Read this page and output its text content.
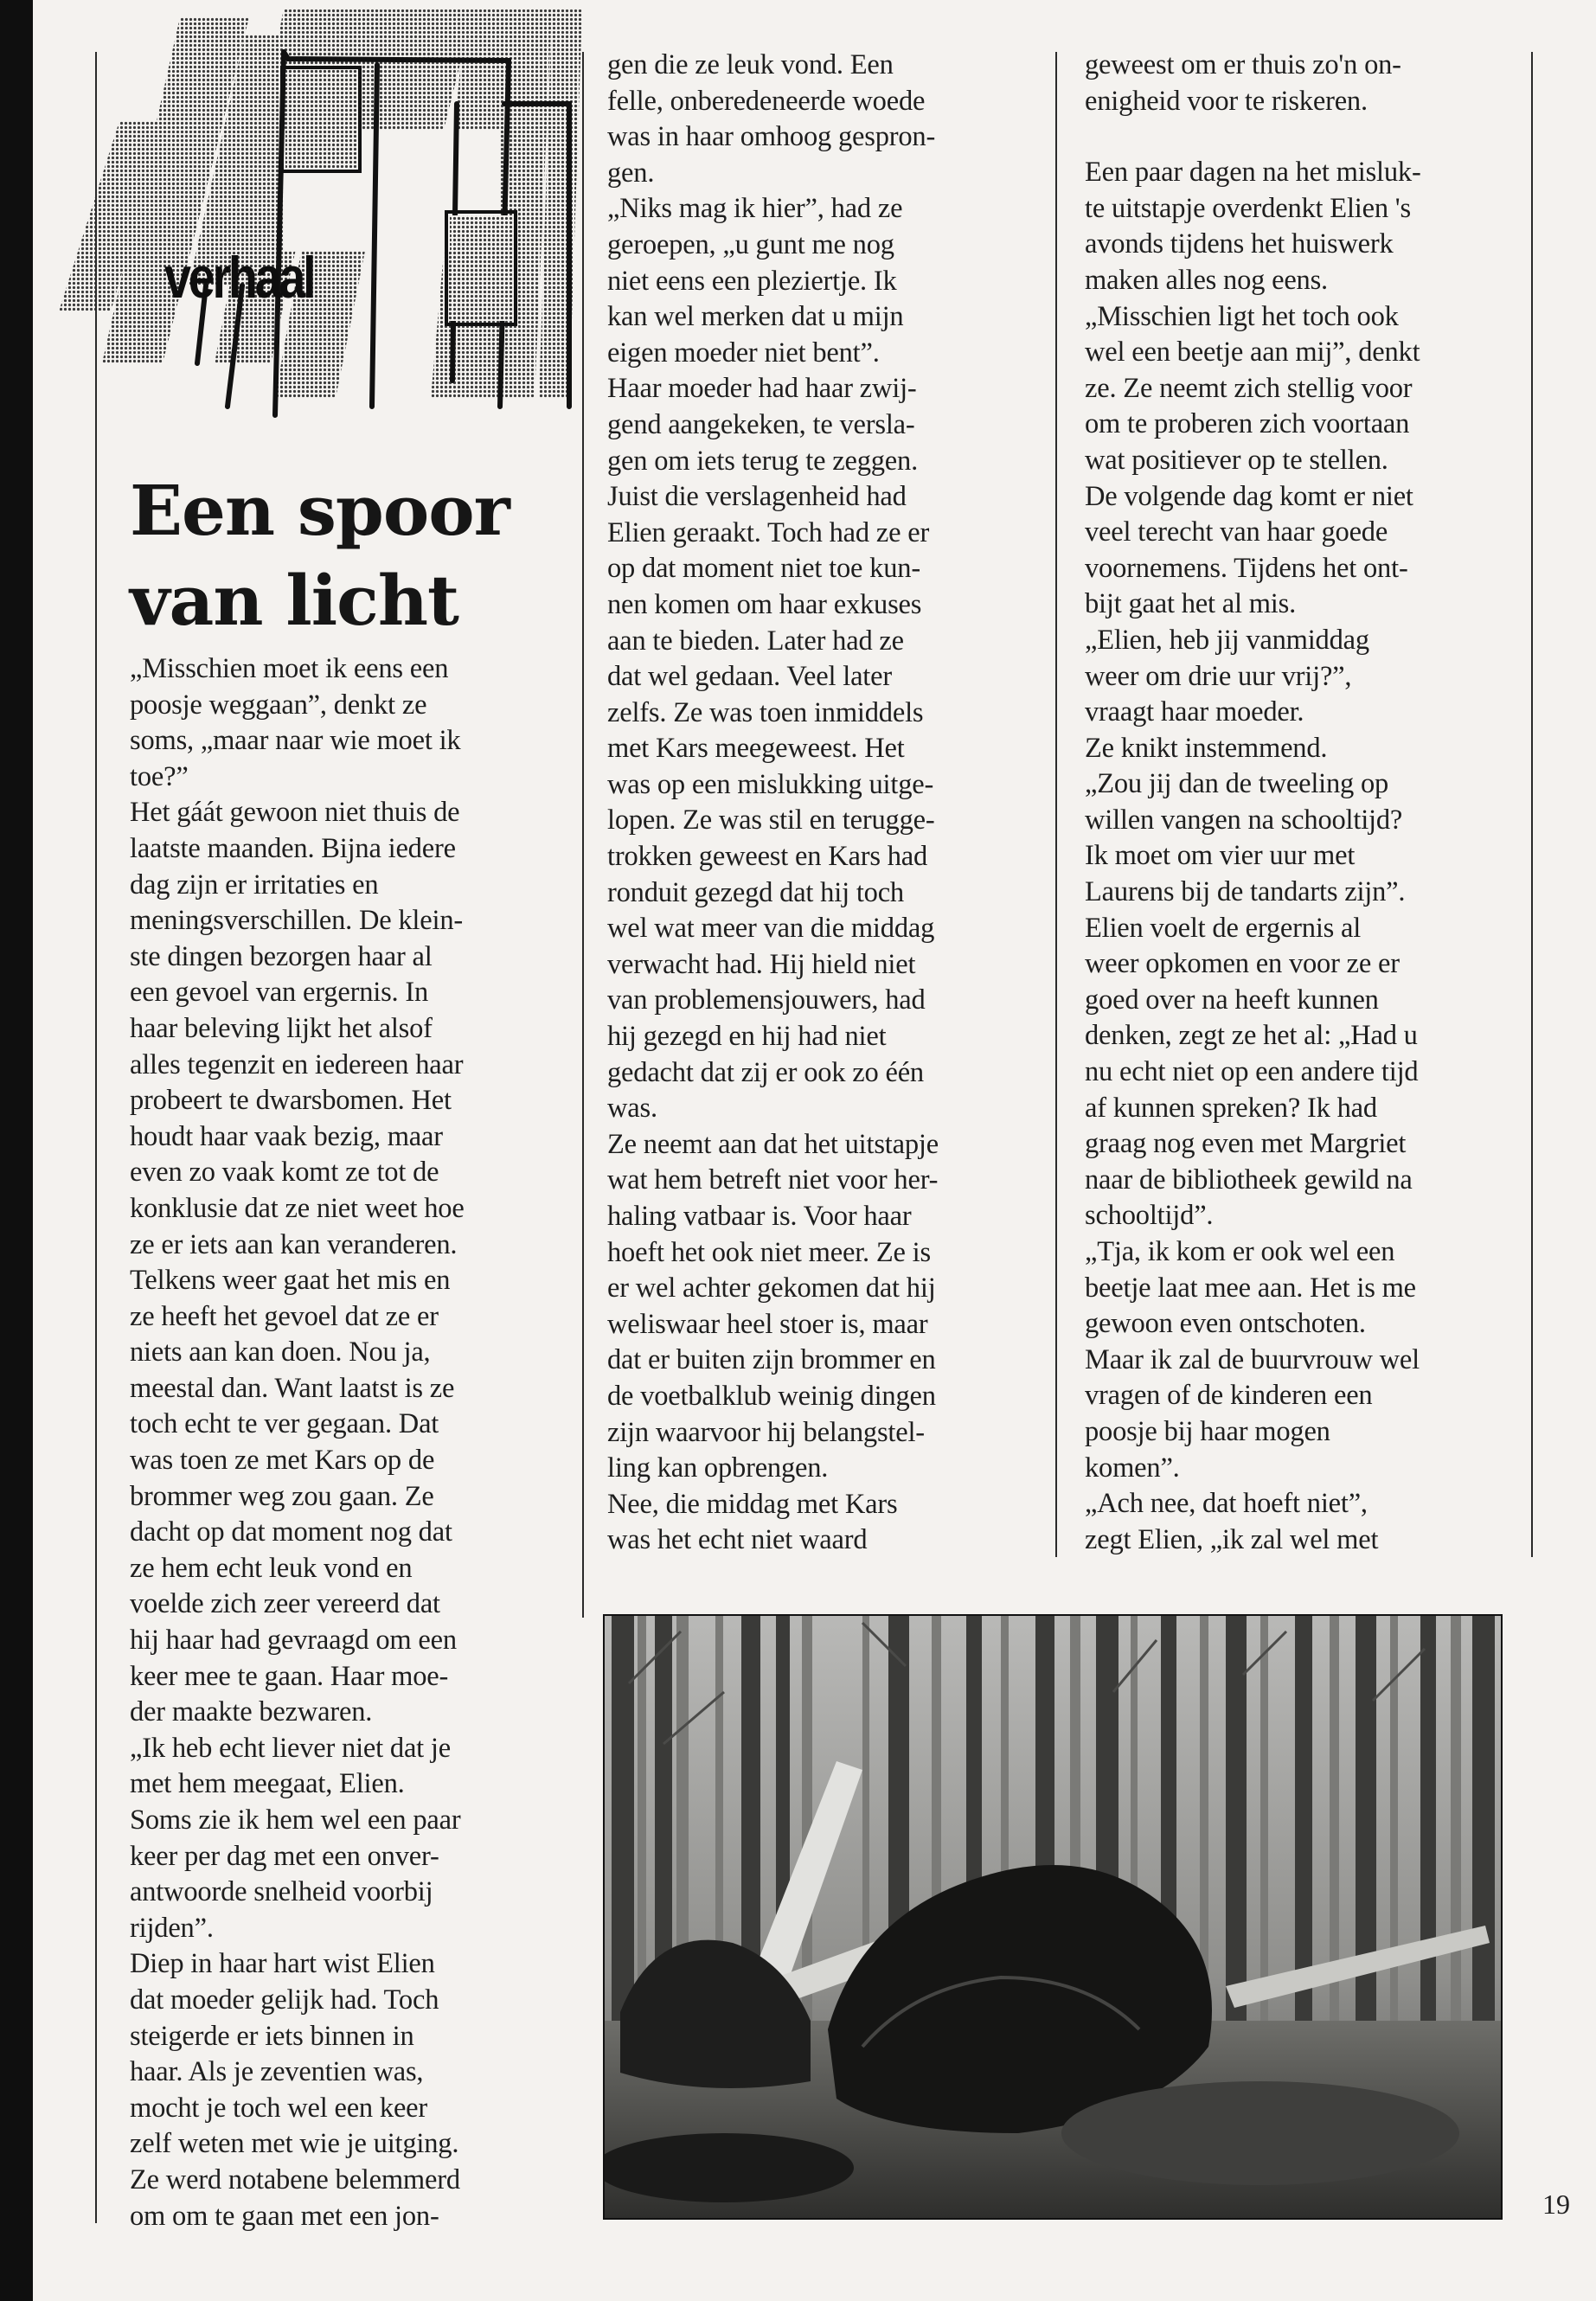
verhaal
Een spoor
van licht

„Misschien moet ik eens een
poosje weggaan”, denkt ze
soms, „maar naar wie moet ik
toe?”

Het gáát gewoon niet thuis de
laatste maanden. Bijna iedere
dag zijn er irritaties en
meningsverschillen. De klein-
ste dingen bezorgen haar al
een gevoel van ergernis. In
haar beleving lijkt het alsof
alles tegenzit en iedereen haar
probeert te dwarsbomen. Het
houdt haar vaak bezig, maar
even zo vaak komt ze tot de
konklusie dat ze niet weet hoe
ze er iets aan kan veranderen.
Telkens weer gaat het mis en
ze heeft het gevoel dat ze er
niets aan kan doen. Nou ja,
meestal dan. Want laatst is ze
toch echt te ver gegaan. Dat
was toen ze met Kars op de
brommer weg zou gaan. Ze
dacht op dat moment nog dat
ze hem echt leuk vond en
voelde zich zeer vereerd dat
hij haar had gevraagd om een
keer mee te gaan. Haar moe-
der maakte bezwaren.

„Ik heb echt liever niet dat je
met hem meegaat, Elien.
Soms zie ik hem wel een paar
keer per dag met een onver-
antwoorde snelheid voorbij
rijden”.

Diep in haar hart wist Elien
dat moeder gelijk had. Toch
steigerde er iets binnen in
haar. Als je zeventien was,
mocht je toch wel een keer
zelf weten met wie je uitging.
Ze werd notabene belemmerd
om om te gaan met een jon-

gen die ze leuk vond. Een
felle, onberedeneerde woede
was in haar omhoog gespron-
gen.

„Niks mag ik hier”, had ze
geroepen, „u gunt me nog
niet eens een pleziertje. Ik
kan wel merken dat u mijn
eigen moeder niet bent”.

Haar moeder had haar zwij-
gend aangekeken, te versla-
gen om iets terug te zeggen.
Juist die verslagenheid had
Elien geraakt. Toch had ze er
op dat moment niet toe kun-
nen komen om haar exkuses
aan te bieden. Later had ze
dat wel gedaan. Veel later
zelfs. Ze was toen inmiddels
met Kars meegeweest. Het
was op een mislukking uitge-
lopen. Ze was stil en terugge-
trokken geweest en Kars had
ronduit gezegd dat hij toch
wel wat meer van die middag
verwacht had. Hij hield niet
van problemensjouwers, had
hij gezegd en hij had niet
gedacht dat zij er ook zo één
was.

Ze neemt aan dat het uitstapje
wat hem betreft niet voor her-
haling vatbaar is. Voor haar
hoeft het ook niet meer. Ze is
er wel achter gekomen dat hij
weliswaar heel stoer is, maar
dat er buiten zijn brommer en
de voetbalklub weinig dingen
zijn waarvoor hij belangstel-
ling kan opbrengen.

Nee, die middag met Kars
was het echt niet waard

geweest om er thuis zo'n on-
enigheid voor te riskeren.

Een paar dagen na het misluk-
te uitstapje overdenkt Elien 's
avonds tijdens het huiswerk
maken alles nog eens.

„Misschien ligt het toch ook
wel een beetje aan mij”, denkt
ze. Ze neemt zich stellig voor
om te proberen zich voortaan
wat positiever op te stellen.
De volgende dag komt er niet
veel terecht van haar goede
voornemens. Tijdens het ont-
bijt gaat het al mis.

„Elien, heb jij vanmiddag
weer om drie uur vrij?”,
vraagt haar moeder.

Ze knikt instemmend.

„Zou jij dan de tweeling op
willen vangen na schooltijd?
Ik moet om vier uur met
Laurens bij de tandarts zijn”.
Elien voelt de ergernis al
weer opkomen en voor ze er
goed over na heeft kunnen
denken, zegt ze het al: „Had u
nu echt niet op een andere tijd
af kunnen spreken? Ik had
graag nog even met Margriet
naar de bibliotheek gewild na
schooltijd”.

„Tja, ik kom er ook wel een
beetje laat mee aan. Het is me
gewoon even ontschoten.
Maar ik zal de buurvrouw wel
vragen of de kinderen een
poosje bij haar mogen
komen”.

„Ach nee, dat hoeft niet”,
zegt Elien, „ik zal wel met

19
